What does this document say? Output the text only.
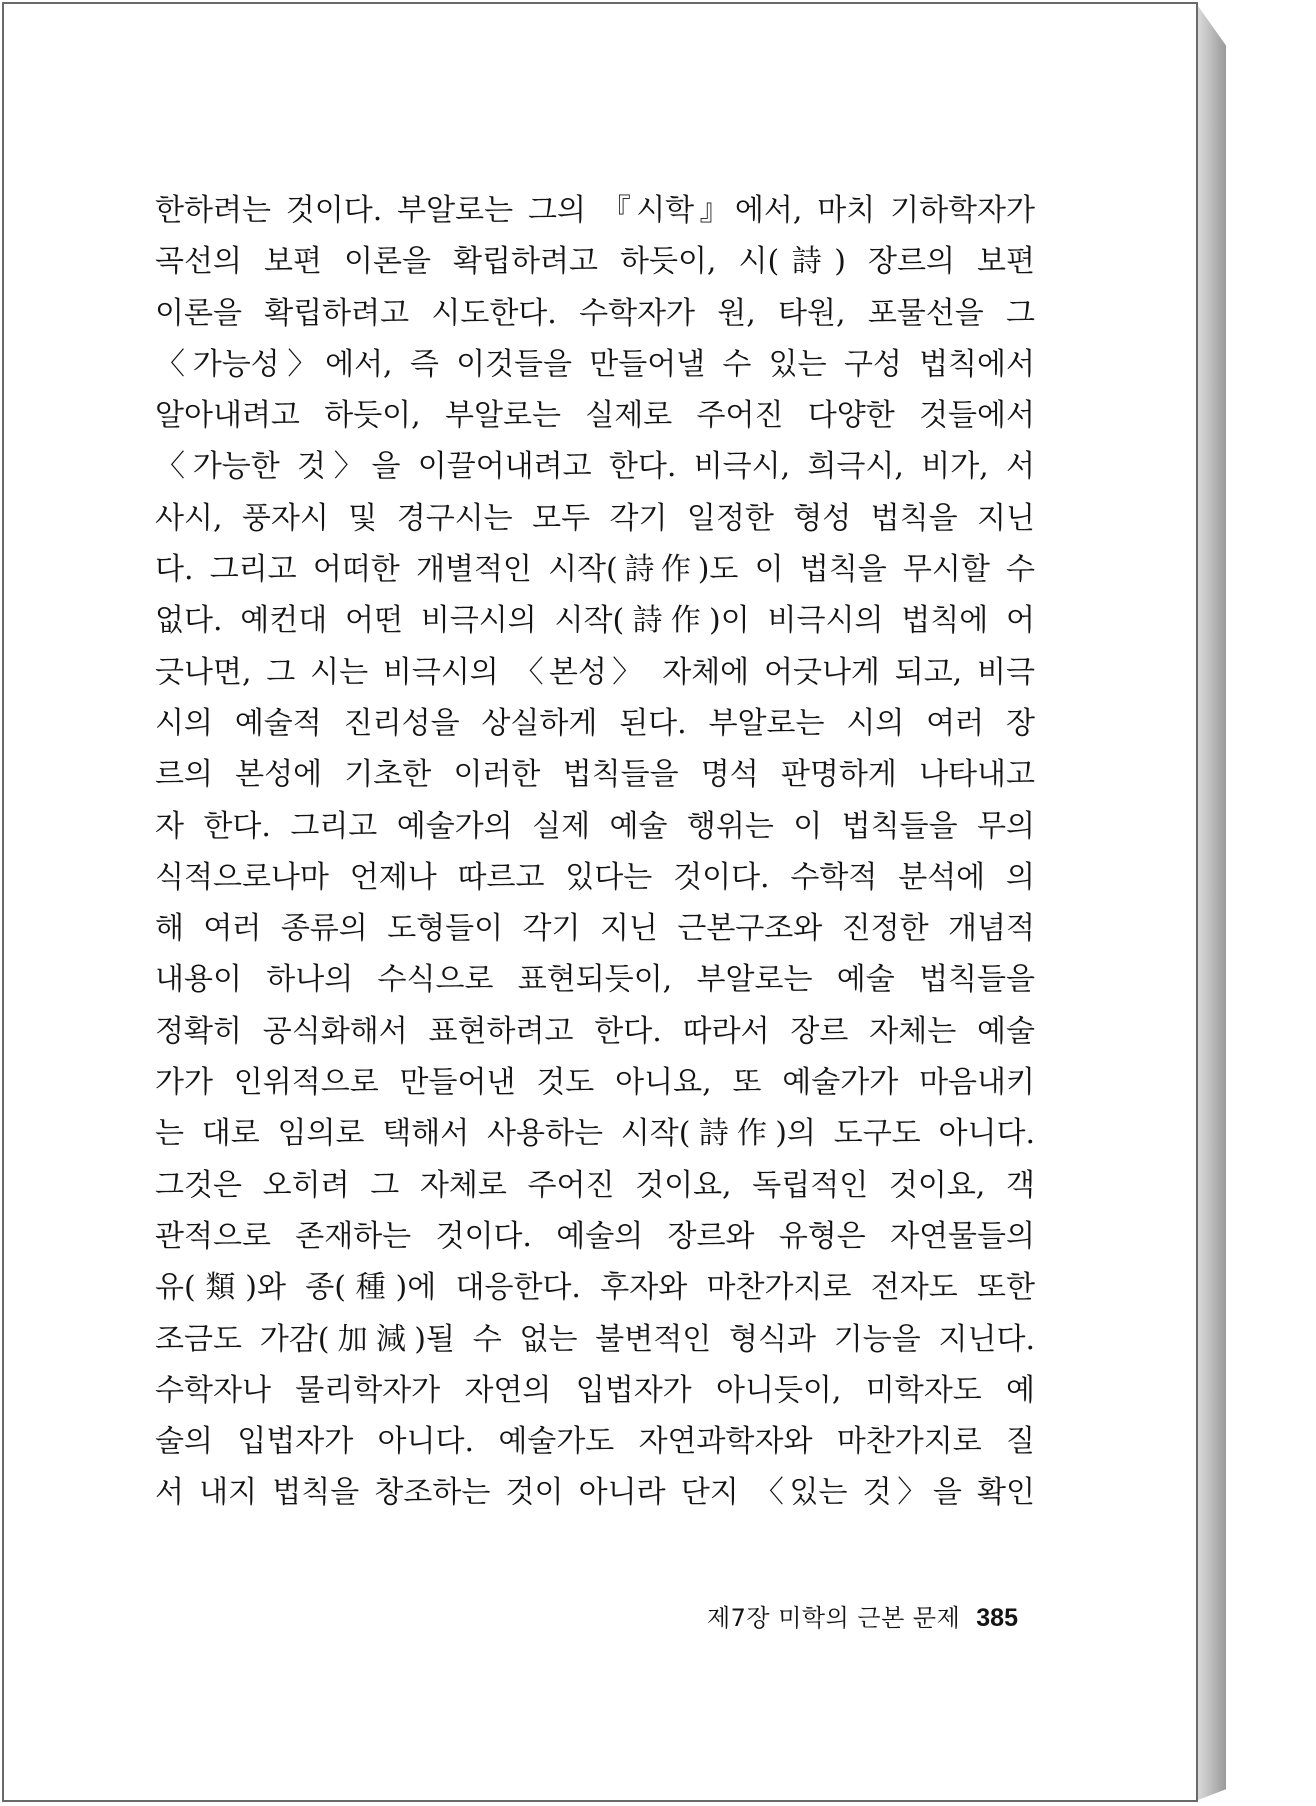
한하려는 것이다. 부알로는 그의 『시학』에서, 마치 기하학자가
곡선의 보편 이론을 확립하려고 하듯이, 시(詩) 장르의 보편
이론을 확립하려고 시도한다. 수학자가 원, 타원, 포물선을 그
〈가능성〉에서, 즉 이것들을 만들어낼 수 있는 구성 법칙에서
알아내려고 하듯이, 부알로는 실제로 주어진 다양한 것들에서
〈가능한 것〉을 이끌어내려고 한다. 비극시, 희극시, 비가, 서
사시, 풍자시 및 경구시는 모두 각기 일정한 형성 법칙을 지닌
다. 그리고 어떠한 개별적인 시작(詩作)도 이 법칙을 무시할 수
없다. 예컨대 어떤 비극시의 시작(詩作)이 비극시의 법칙에 어
긋나면, 그 시는 비극시의 〈본성〉 자체에 어긋나게 되고, 비극
시의 예술적 진리성을 상실하게 된다. 부알로는 시의 여러 장
르의 본성에 기초한 이러한 법칙들을 명석 판명하게 나타내고
자 한다. 그리고 예술가의 실제 예술 행위는 이 법칙들을 무의
식적으로나마 언제나 따르고 있다는 것이다. 수학적 분석에 의
해 여러 종류의 도형들이 각기 지닌 근본구조와 진정한 개념적
내용이 하나의 수식으로 표현되듯이, 부알로는 예술 법칙들을
정확히 공식화해서 표현하려고 한다. 따라서 장르 자체는 예술
가가 인위적으로 만들어낸 것도 아니요, 또 예술가가 마음내키
는 대로 임의로 택해서 사용하는 시작(詩作)의 도구도 아니다.
그것은 오히려 그 자체로 주어진 것이요, 독립적인 것이요, 객
관적으로 존재하는 것이다. 예술의 장르와 유형은 자연물들의
유(類)와 종(種)에 대응한다. 후자와 마찬가지로 전자도 또한
조금도 가감(加減)될 수 없는 불변적인 형식과 기능을 지닌다.
수학자나 물리학자가 자연의 입법자가 아니듯이, 미학자도 예
술의 입법자가 아니다. 예술가도 자연과학자와 마찬가지로 질
서 내지 법칙을 창조하는 것이 아니라 단지 〈있는 것〉을 확인
제7장 미학의 근본 문제 385
